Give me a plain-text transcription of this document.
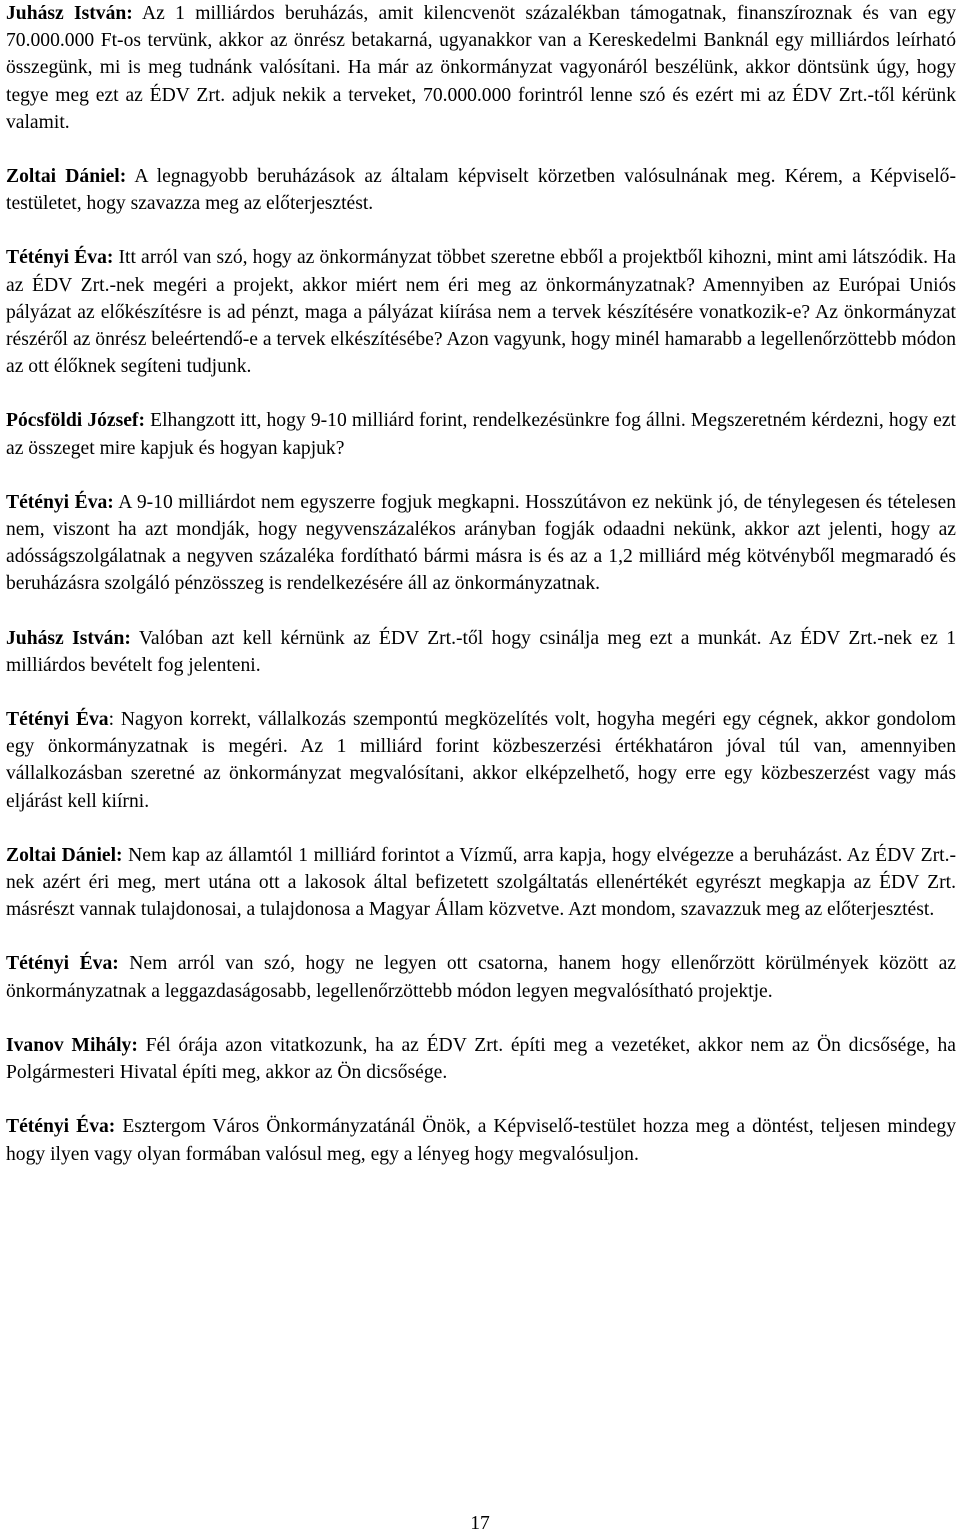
Juhász István: Az 1 milliárdos beruházás, amit kilencvenöt százalékban támogatnak, finanszíroznak és van egy 70.000.000 Ft-os tervünk, akkor az önrész betakarná, ugyanakkor van a Kereskedelmi Banknál egy milliárdos leírható összegünk, mi is meg tudnánk valósítani. Ha már az önkormányzat vagyonáról beszélünk, akkor döntsünk úgy, hogy tegye meg ezt az ÉDV Zrt. adjuk nekik a terveket, 70.000.000 forintról lenne szó és ezért mi az ÉDV Zrt.-től kérünk valamit.

Zoltai Dániel: A legnagyobb beruházások az általam képviselt körzetben valósulnának meg. Kérem, a Képviselő-testületet, hogy szavazza meg az előterjesztést.

Tétényi Éva: Itt arról van szó, hogy az önkormányzat többet szeretne ebből a projektből kihozni, mint ami látszódik. Ha az ÉDV Zrt.-nek megéri a projekt, akkor miért nem éri meg az önkormányzatnak? Amennyiben az Európai Uniós pályázat az előkészítésre is ad pénzt, maga a pályázat kiírása nem a tervek készítésére vonatkozik-e? Az önkormányzat részéről az önrész beleértendő-e a tervek elkészítésébe? Azon vagyunk, hogy minél hamarabb a legellenőrzöttebb módon az ott élőknek segíteni tudjunk.

Pócsföldi József: Elhangzott itt, hogy 9-10 milliárd forint, rendelkezésünkre fog állni. Megszeretném kérdezni, hogy ezt az összeget mire kapjuk és hogyan kapjuk?

Tétényi Éva: A 9-10 milliárdot nem egyszerre fogjuk megkapni. Hosszútávon ez nekünk jó, de ténylegesen és tételesen nem, viszont ha azt mondják, hogy negyvenszázalékos arányban fogják odaadni nekünk, akkor azt jelenti, hogy az adósságszolgálatnak a negyven százaléka fordítható bármi másra is és az a 1,2 milliárd még kötvényből megmaradó és beruházásra szolgáló pénzösszeg is rendelkezésére áll az önkormányzatnak.

Juhász István: Valóban azt kell kérnünk az ÉDV Zrt.-től hogy csinálja meg ezt a munkát. Az ÉDV Zrt.-nek ez 1 milliárdos bevételt fog jelenteni.

Tétényi Éva: Nagyon korrekt, vállalkozás szempontú megközelítés volt, hogyha megéri egy cégnek, akkor gondolom egy önkormányzatnak is megéri. Az 1 milliárd forint közbeszerzési értékhatáron jóval túl van, amennyiben vállalkozásban szeretné az önkormányzat megvalósítani, akkor elképzelhető, hogy erre egy közbeszerzést vagy más eljárást kell kiírni.

Zoltai Dániel: Nem kap az államtól 1 milliárd forintot a Vízmű, arra kapja, hogy elvégezze a beruházást. Az ÉDV Zrt.-nek azért éri meg, mert utána ott a lakosok által befizetett szolgáltatás ellenértékét egyrészt megkapja az ÉDV Zrt. másrészt vannak tulajdonosai, a tulajdonosa a Magyar Állam közvetve. Azt mondom, szavazzuk meg az előterjesztést.

Tétényi Éva: Nem arról van szó, hogy ne legyen ott csatorna, hanem hogy ellenőrzött körülmények között az önkormányzatnak a leggazdaságosabb, legellenőrzöttebb módon legyen megvalósítható projektje.

Ivanov Mihály: Fél órája azon vitatkozunk, ha az ÉDV Zrt. építi meg a vezetéket, akkor nem az Ön dicsősége, ha Polgármesteri Hivatal építi meg, akkor az Ön dicsősége.

Tétényi Éva: Esztergom Város Önkormányzatánál Önök, a Képviselő-testület hozza meg a döntést, teljesen mindegy hogy ilyen vagy olyan formában valósul meg, egy a lényeg hogy megvalósuljon.

17
